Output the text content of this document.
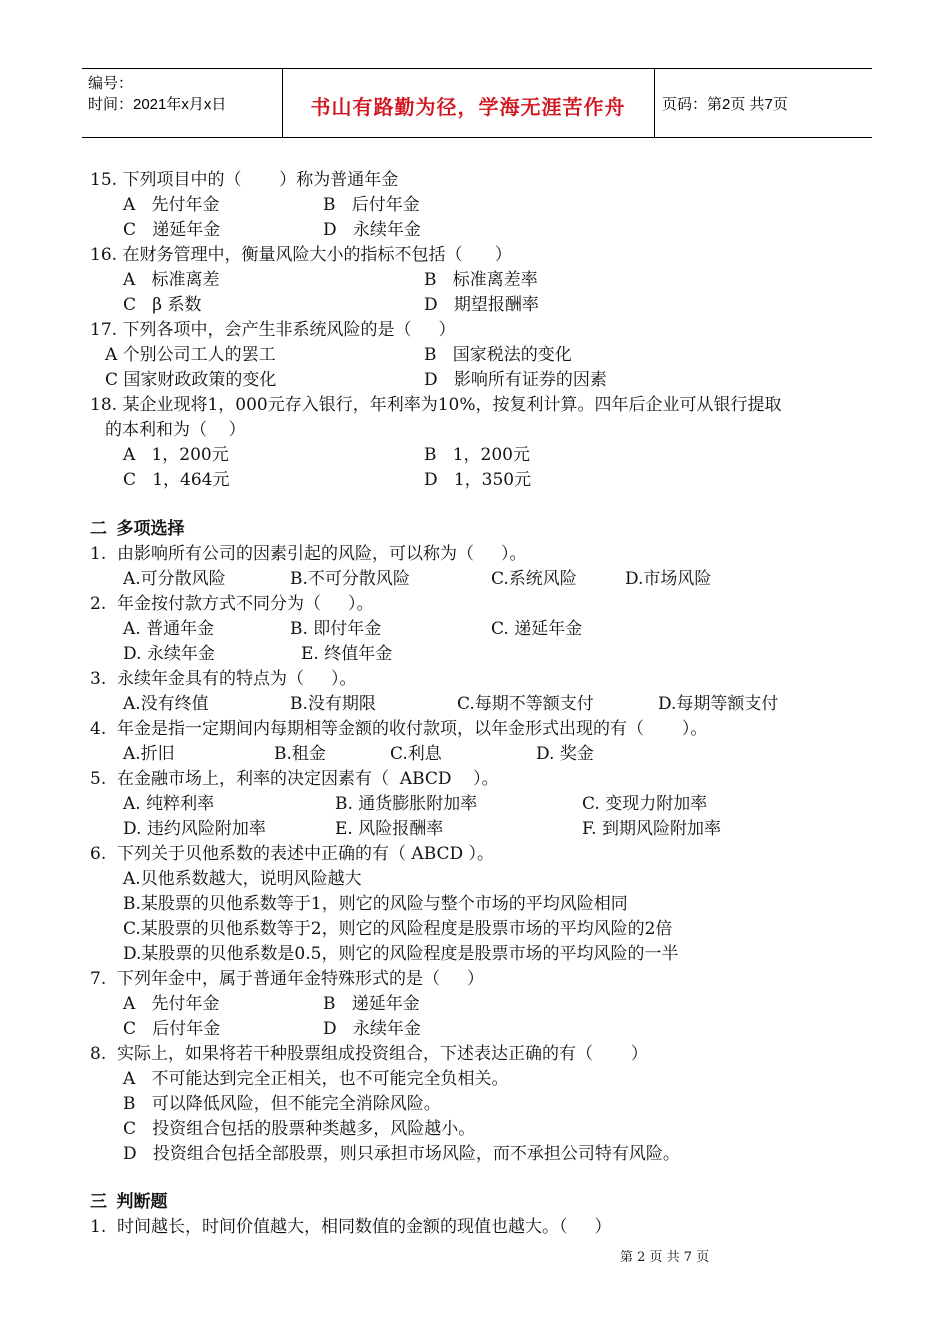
编号：
时间：2021年x月x日	书山有路勤为径，学海无涯苦作舟	页码：第2页 共7页
15. 下列项目中的（       ）称为普通年金
A   先付年金	B   后付年金
C   递延年金	D   永续年金
16. 在财务管理中，衡量风险大小的指标不包括（      ）
A   标准离差	B   标准离差率
C   β 系数	D   期望报酬率
17. 下列各项中，会产生非系统风险的是（     ）
A 个别公司工人的罢工	B   国家税法的变化
C 国家财政政策的变化	D   影响所有证券的因素
18. 某企业现将1，000元存入银行，年利率为10%，按复利计算。四年后企业可从银行提取
的本利和为（    ）
A   1，200元	B   1，200元
C   1，464元	D   1，350元
二  多项选择
1.  由影响所有公司的因素引起的风险，可以称为（     ）。
A.可分散风险	B.不可分散风险	C.系统风险	D.市场风险
2.  年金按付款方式不同分为（     ）。
A. 普通年金	B. 即付年金	C. 递延年金
D. 永续年金	E. 终值年金
3.  永续年金具有的特点为（     ）。
A.没有终值	B.没有期限	C.每期不等额支付	D.每期等额支付
4.  年金是指一定期间内每期相等金额的收付款项，以年金形式出现的有（       ）。
A.折旧	B.租金	C.利息	D. 奖金
5.  在金融市场上，利率的决定因素有（  ABCD    ）。
A. 纯粹利率	B. 通货膨胀附加率	C. 变现力附加率
D. 违约风险附加率	E. 风险报酬率	F. 到期风险附加率
6.  下列关于贝他系数的表述中正确的有（ ABCD ）。
A.贝他系数越大，说明风险越大
B.某股票的贝他系数等于1，则它的风险与整个市场的平均风险相同
C.某股票的贝他系数等于2，则它的风险程度是股票市场的平均风险的2倍
D.某股票的贝他系数是0.5，则它的风险程度是股票市场的平均风险的一半
7.  下列年金中，属于普通年金特殊形式的是（     ）
A   先付年金	B   递延年金
C   后付年金	D   永续年金
8.  实际上，如果将若干种股票组成投资组合，下述表达正确的有（       ）
A   不可能达到完全正相关，也不可能完全负相关。
B   可以降低风险，但不能完全消除风险。
C   投资组合包括的股票种类越多，风险越小。
D   投资组合包括全部股票，则只承担市场风险，而不承担公司特有风险。
三  判断题
1.  时间越长，时间价值越大，相同数值的金额的现值也越大。（     ）
第 2 页 共 7 页
